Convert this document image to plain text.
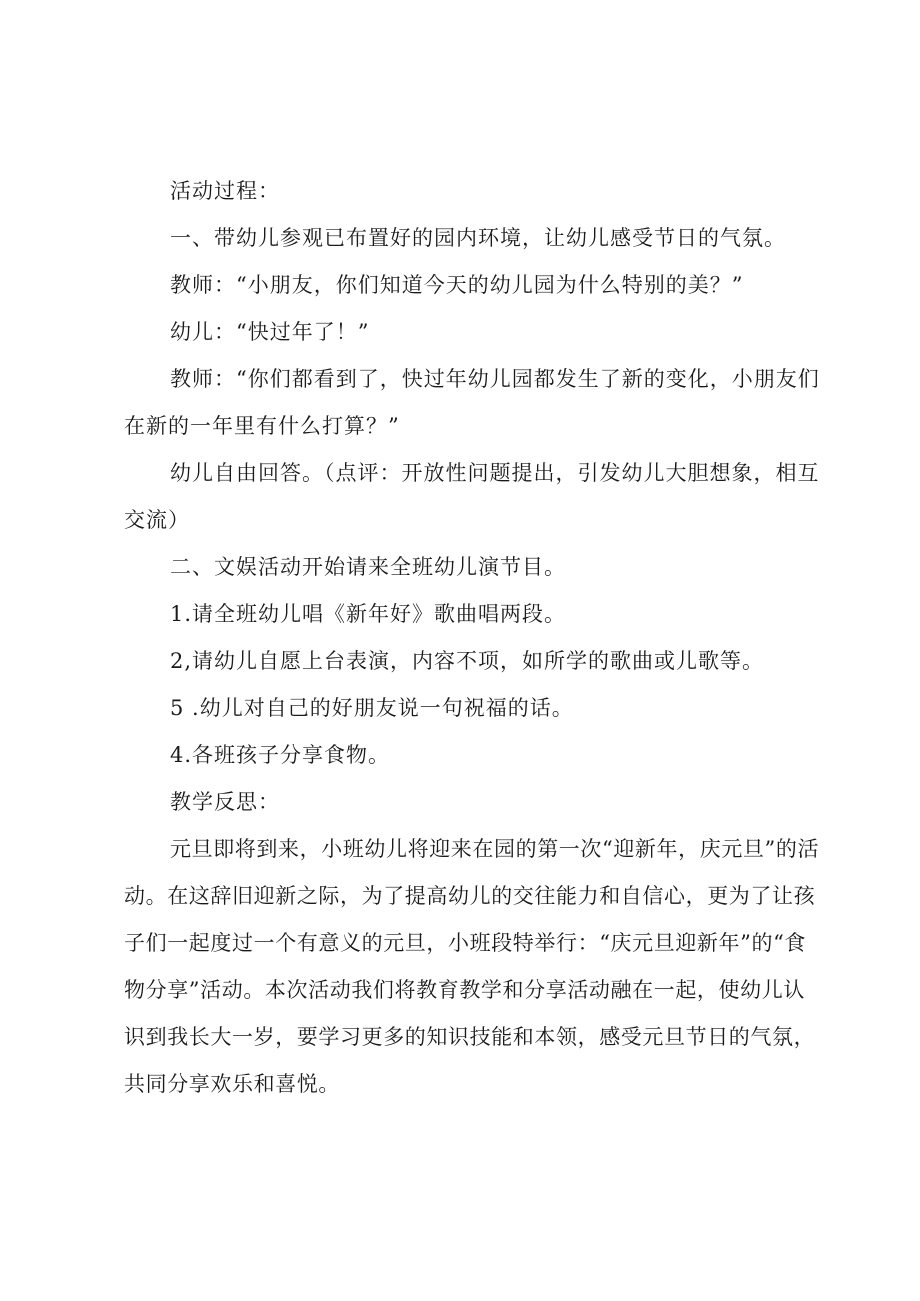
活动过程：

一、带幼儿参观已布置好的园内环境，让幼儿感受节日的气氛。

教师：“小朋友，你们知道今天的幼儿园为什么特别的美？”

幼儿：“快过年了！”

教师：“你们都看到了，快过年幼儿园都发生了新的变化，小朋友们在新的一年里有什么打算？”

幼儿自由回答。（点评：开放性问题提出，引发幼儿大胆想象，相互交流）

二、文娱活动开始请来全班幼儿演节目。

1.请全班幼儿唱《新年好》歌曲唱两段。

2,请幼儿自愿上台表演，内容不项，如所学的歌曲或儿歌等。

5 .幼儿对自己的好朋友说一句祝福的话。

4.各班孩子分享食物。

教学反思：

元旦即将到来，小班幼儿将迎来在园的第一次“迎新年，庆元旦”的活动。在这辞旧迎新之际，为了提高幼儿的交往能力和自信心，更为了让孩子们一起度过一个有意义的元旦，小班段特举行：“庆元旦迎新年”的“食物分享”活动。本次活动我们将教育教学和分享活动融在一起，使幼儿认识到我长大一岁，要学习更多的知识技能和本领，感受元旦节日的气氛，共同分享欢乐和喜悦。
